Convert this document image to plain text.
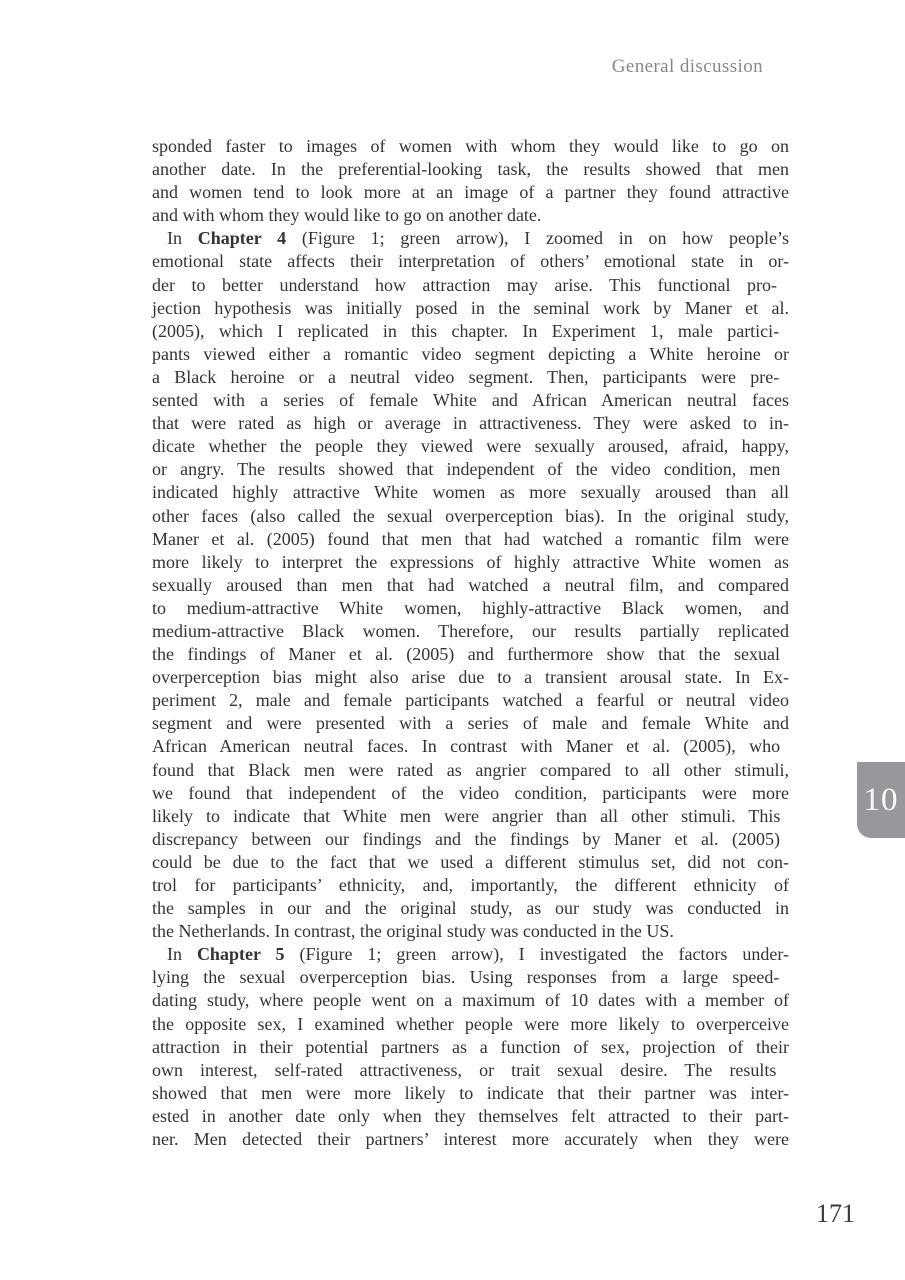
General discussion
sponded faster to images of women with whom they would like to go on
another date. In the preferential-looking task, the results showed that men
and women tend to look more at an image of a partner they found attractive
and with whom they would like to go on another date.
In Chapter 4 (Figure 1; green arrow), I zoomed in on how people’s
emotional state affects their interpretation of others’ emotional state in or-
der to better understand how attraction may arise. This functional pro-
jection hypothesis was initially posed in the seminal work by Maner et al.
(2005), which I replicated in this chapter. In Experiment 1, male partici-
pants viewed either a romantic video segment depicting a White heroine or
a Black heroine or a neutral video segment. Then, participants were pre-
sented with a series of female White and African American neutral faces
that were rated as high or average in attractiveness. They were asked to in-
dicate whether the people they viewed were sexually aroused, afraid, happy,
or angry. The results showed that independent of the video condition, men
indicated highly attractive White women as more sexually aroused than all
other faces (also called the sexual overperception bias). In the original study,
Maner et al. (2005) found that men that had watched a romantic film were
more likely to interpret the expressions of highly attractive White women as
sexually aroused than men that had watched a neutral film, and compared
to medium-attractive White women, highly-attractive Black women, and
medium-attractive Black women. Therefore, our results partially replicated
the findings of Maner et al. (2005) and furthermore show that the sexual
overperception bias might also arise due to a transient arousal state. In Ex-
periment 2, male and female participants watched a fearful or neutral video
segment and were presented with a series of male and female White and
African American neutral faces. In contrast with Maner et al. (2005), who
found that Black men were rated as angrier compared to all other stimuli,
we found that independent of the video condition, participants were more
likely to indicate that White men were angrier than all other stimuli. This
discrepancy between our findings and the findings by Maner et al. (2005)
could be due to the fact that we used a different stimulus set, did not con-
trol for participants’ ethnicity, and, importantly, the different ethnicity of
the samples in our and the original study, as our study was conducted in
the Netherlands. In contrast, the original study was conducted in the US.
In Chapter 5 (Figure 1; green arrow), I investigated the factors under-
lying the sexual overperception bias. Using responses from a large speed-
dating study, where people went on a maximum of 10 dates with a member of
the opposite sex, I examined whether people were more likely to overperceive
attraction in their potential partners as a function of sex, projection of their
own interest, self-rated attractiveness, or trait sexual desire. The results
showed that men were more likely to indicate that their partner was inter-
ested in another date only when they themselves felt attracted to their part-
ner. Men detected their partners’ interest more accurately when they were
10
171
